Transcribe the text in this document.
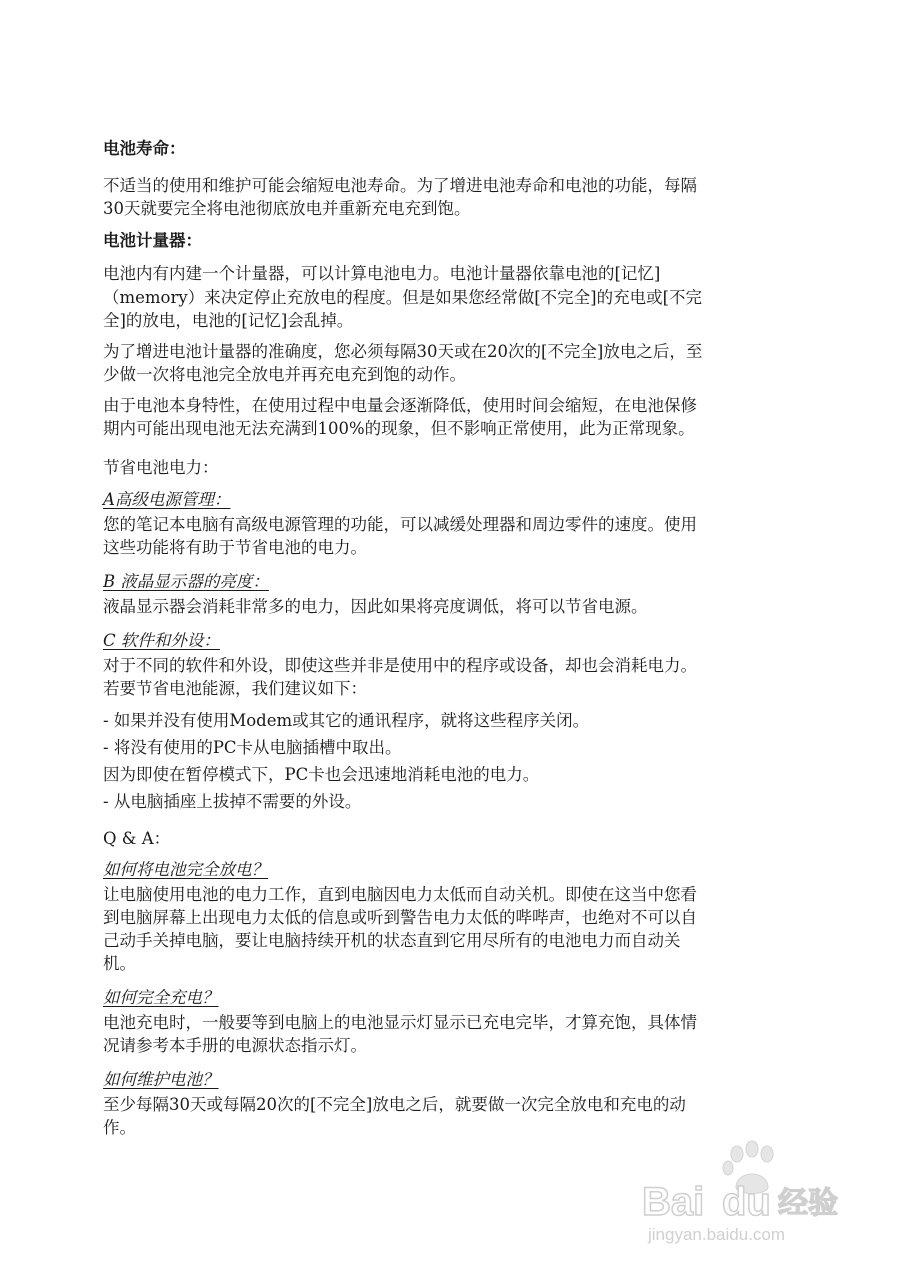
电池寿命：
不适当的使用和维护可能会缩短电池寿命。为了增进电池寿命和电池的功能，每隔
30天就要完全将电池彻底放电并重新充电充到饱。
电池计量器：
电池内有内建一个计量器，可以计算电池电力。电池计量器依靠电池的[记忆]
（memory）来决定停止充放电的程度。但是如果您经常做[不完全]的充电或[不完
全]的放电，电池的[记忆]会乱掉。
为了增进电池计量器的准确度，您必须每隔30天或在20次的[不完全]放电之后，至
少做一次将电池完全放电并再充电充到饱的动作。
由于电池本身特性，在使用过程中电量会逐渐降低，使用时间会缩短，在电池保修
期内可能出现电池无法充满到100%的现象，但不影响正常使用，此为正常现象。
节省电池电力：
A高级电源管理：
您的笔记本电脑有高级电源管理的功能，可以减缓处理器和周边零件的速度。使用
这些功能将有助于节省电池的电力。
B 液晶显示器的亮度：
液晶显示器会消耗非常多的电力，因此如果将亮度调低，将可以节省电源。
C 软件和外设：
对于不同的软件和外设，即使这些并非是使用中的程序或设备，却也会消耗电力。
若要节省电池能源，我们建议如下：
- 如果并没有使用Modem或其它的通讯程序，就将这些程序关闭。
- 将没有使用的PC卡从电脑插槽中取出。
因为即使在暂停模式下，PC卡也会迅速地消耗电池的电力。
- 从电脑插座上拔掉不需要的外设。
Q & A：
如何将电池完全放电？
让电脑使用电池的电力工作，直到电脑因电力太低而自动关机。即使在这当中您看
到电脑屏幕上出现电力太低的信息或听到警告电力太低的哔哔声，也绝对不可以自
己动手关掉电脑，要让电脑持续开机的状态直到它用尽所有的电池电力而自动关
机。
如何完全充电？
电池充电时，一般要等到电脑上的电池显示灯显示已充电完毕，才算充饱，具体情
况请参考本手册的电源状态指示灯。
如何维护电池？
至少每隔30天或每隔20次的[不完全]放电之后，就要做一次完全放电和充电的动
作。
Bai du 经验
jingyan.baidu.com
